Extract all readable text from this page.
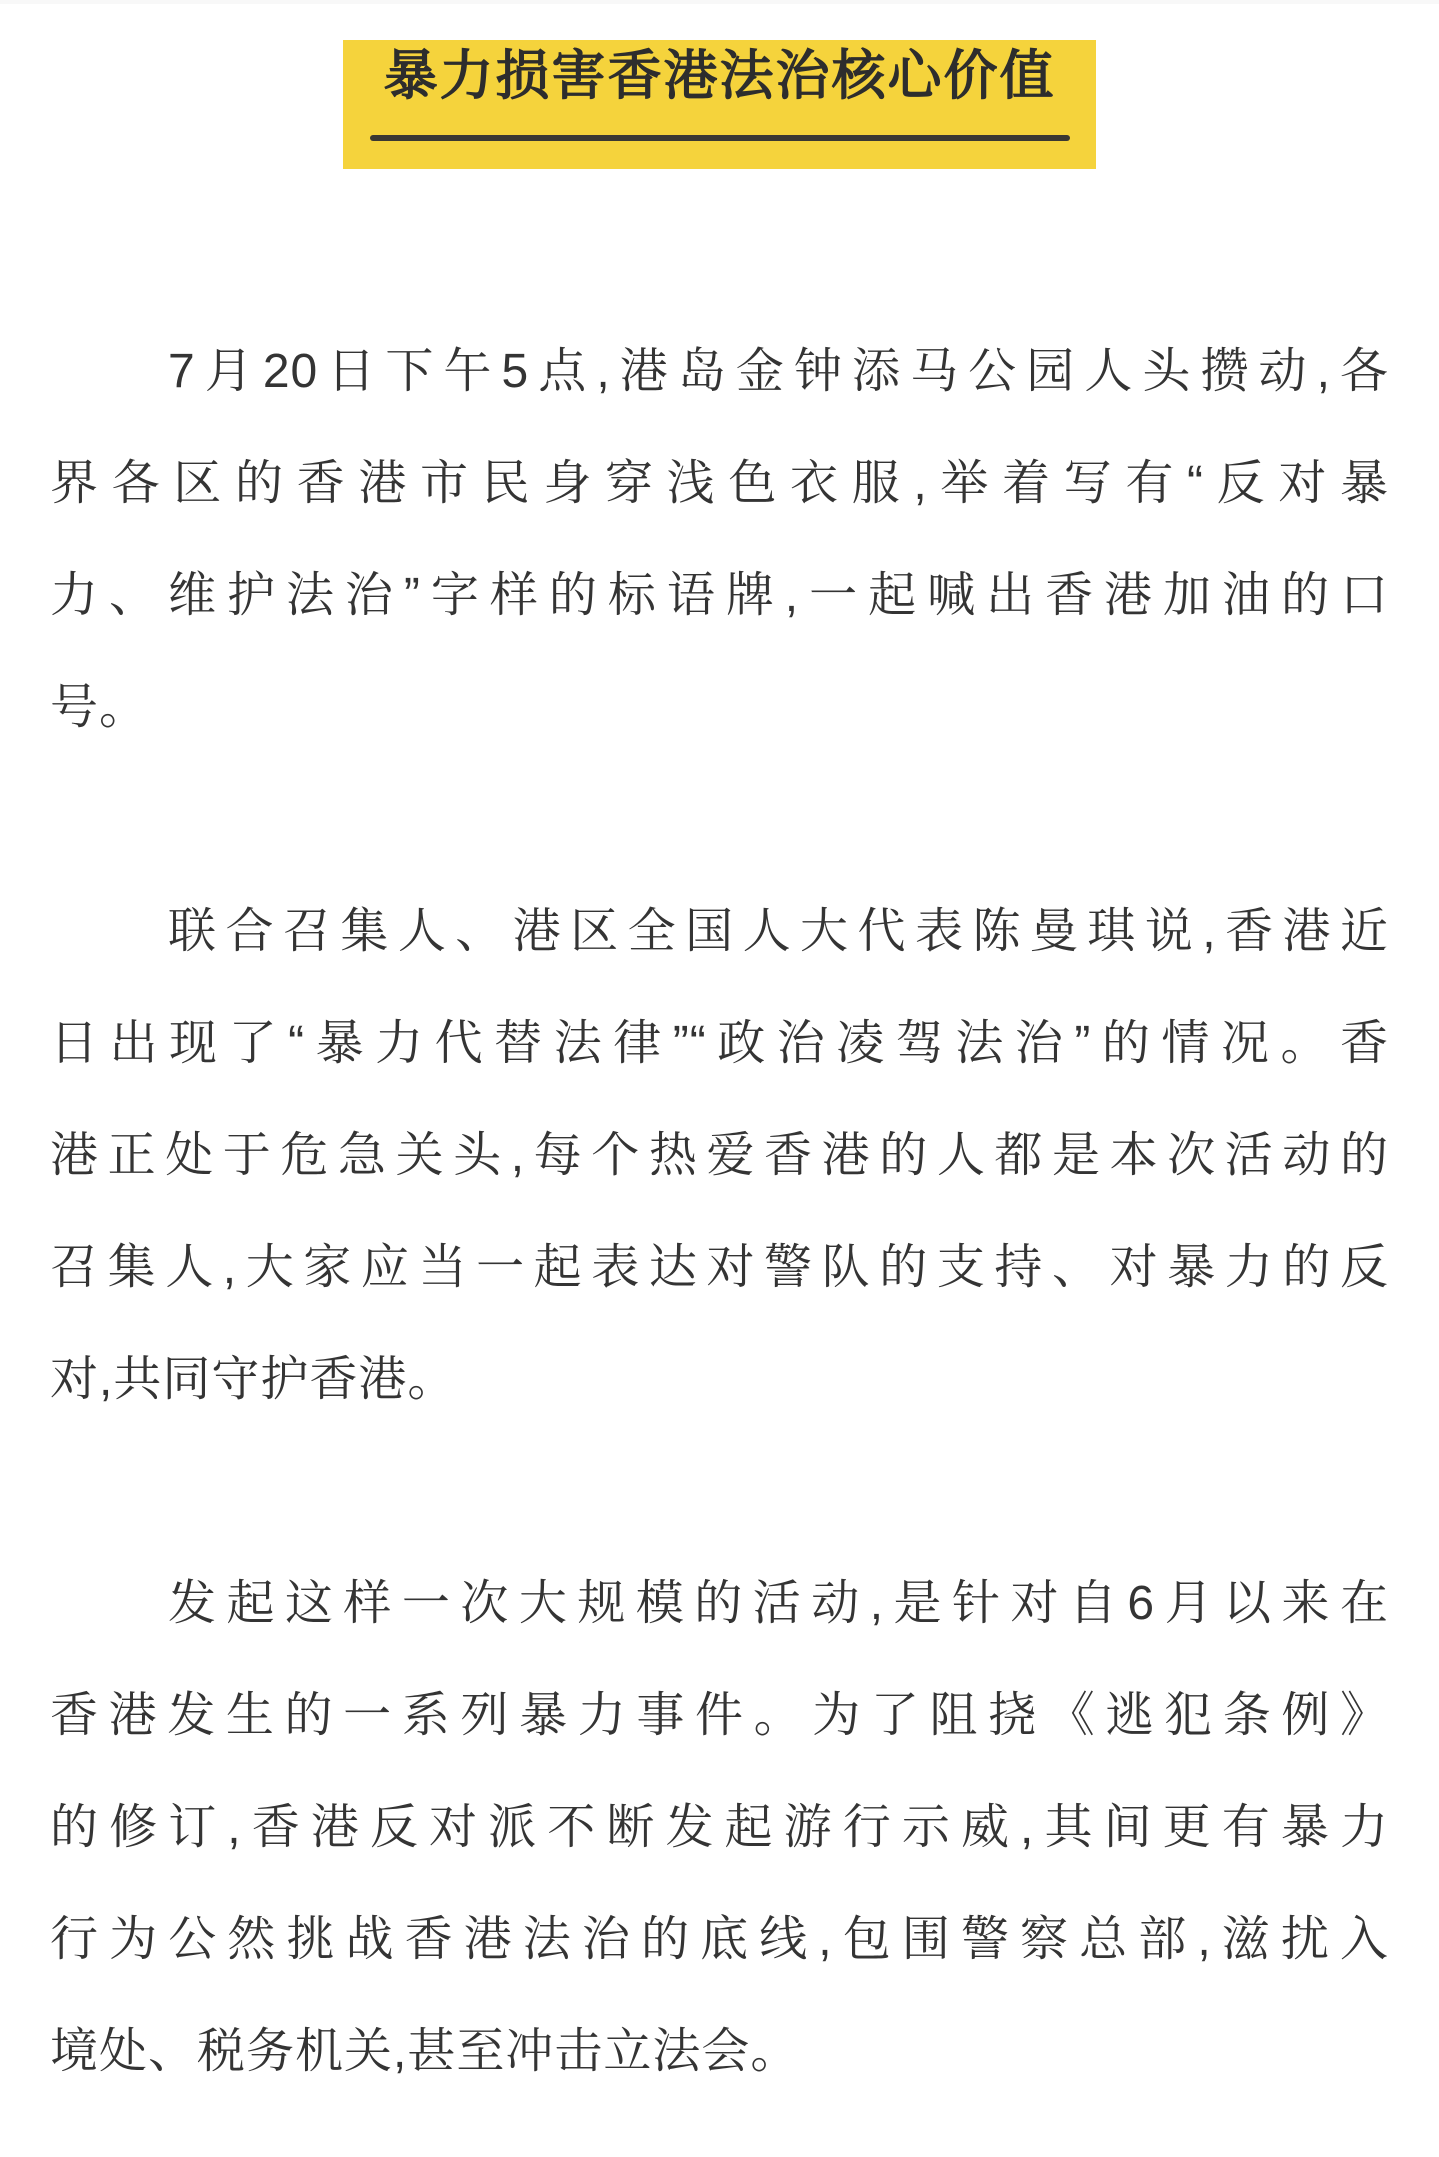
暴力损害香港法治核心价值

7月20日下午5点,港岛金钟添马公园人头攒动,各
界各区的香港市民身穿浅色衣服,举着写有“反对暴
力、维护法治”字样的标语牌,一起喊出香港加油的口
号。

联合召集人、港区全国人大代表陈曼琪说,香港近
日出现了“暴力代替法律”“政治凌驾法治”的情况。香
港正处于危急关头,每个热爱香港的人都是本次活动的
召集人,大家应当一起表达对警队的支持、对暴力的反
对,共同守护香港。

发起这样一次大规模的活动,是针对自6月以来在
香港发生的一系列暴力事件。为了阻挠《逃犯条例》
的修订,香港反对派不断发起游行示威,其间更有暴力
行为公然挑战香港法治的底线,包围警察总部,滋扰入
境处、税务机关,甚至冲击立法会。
